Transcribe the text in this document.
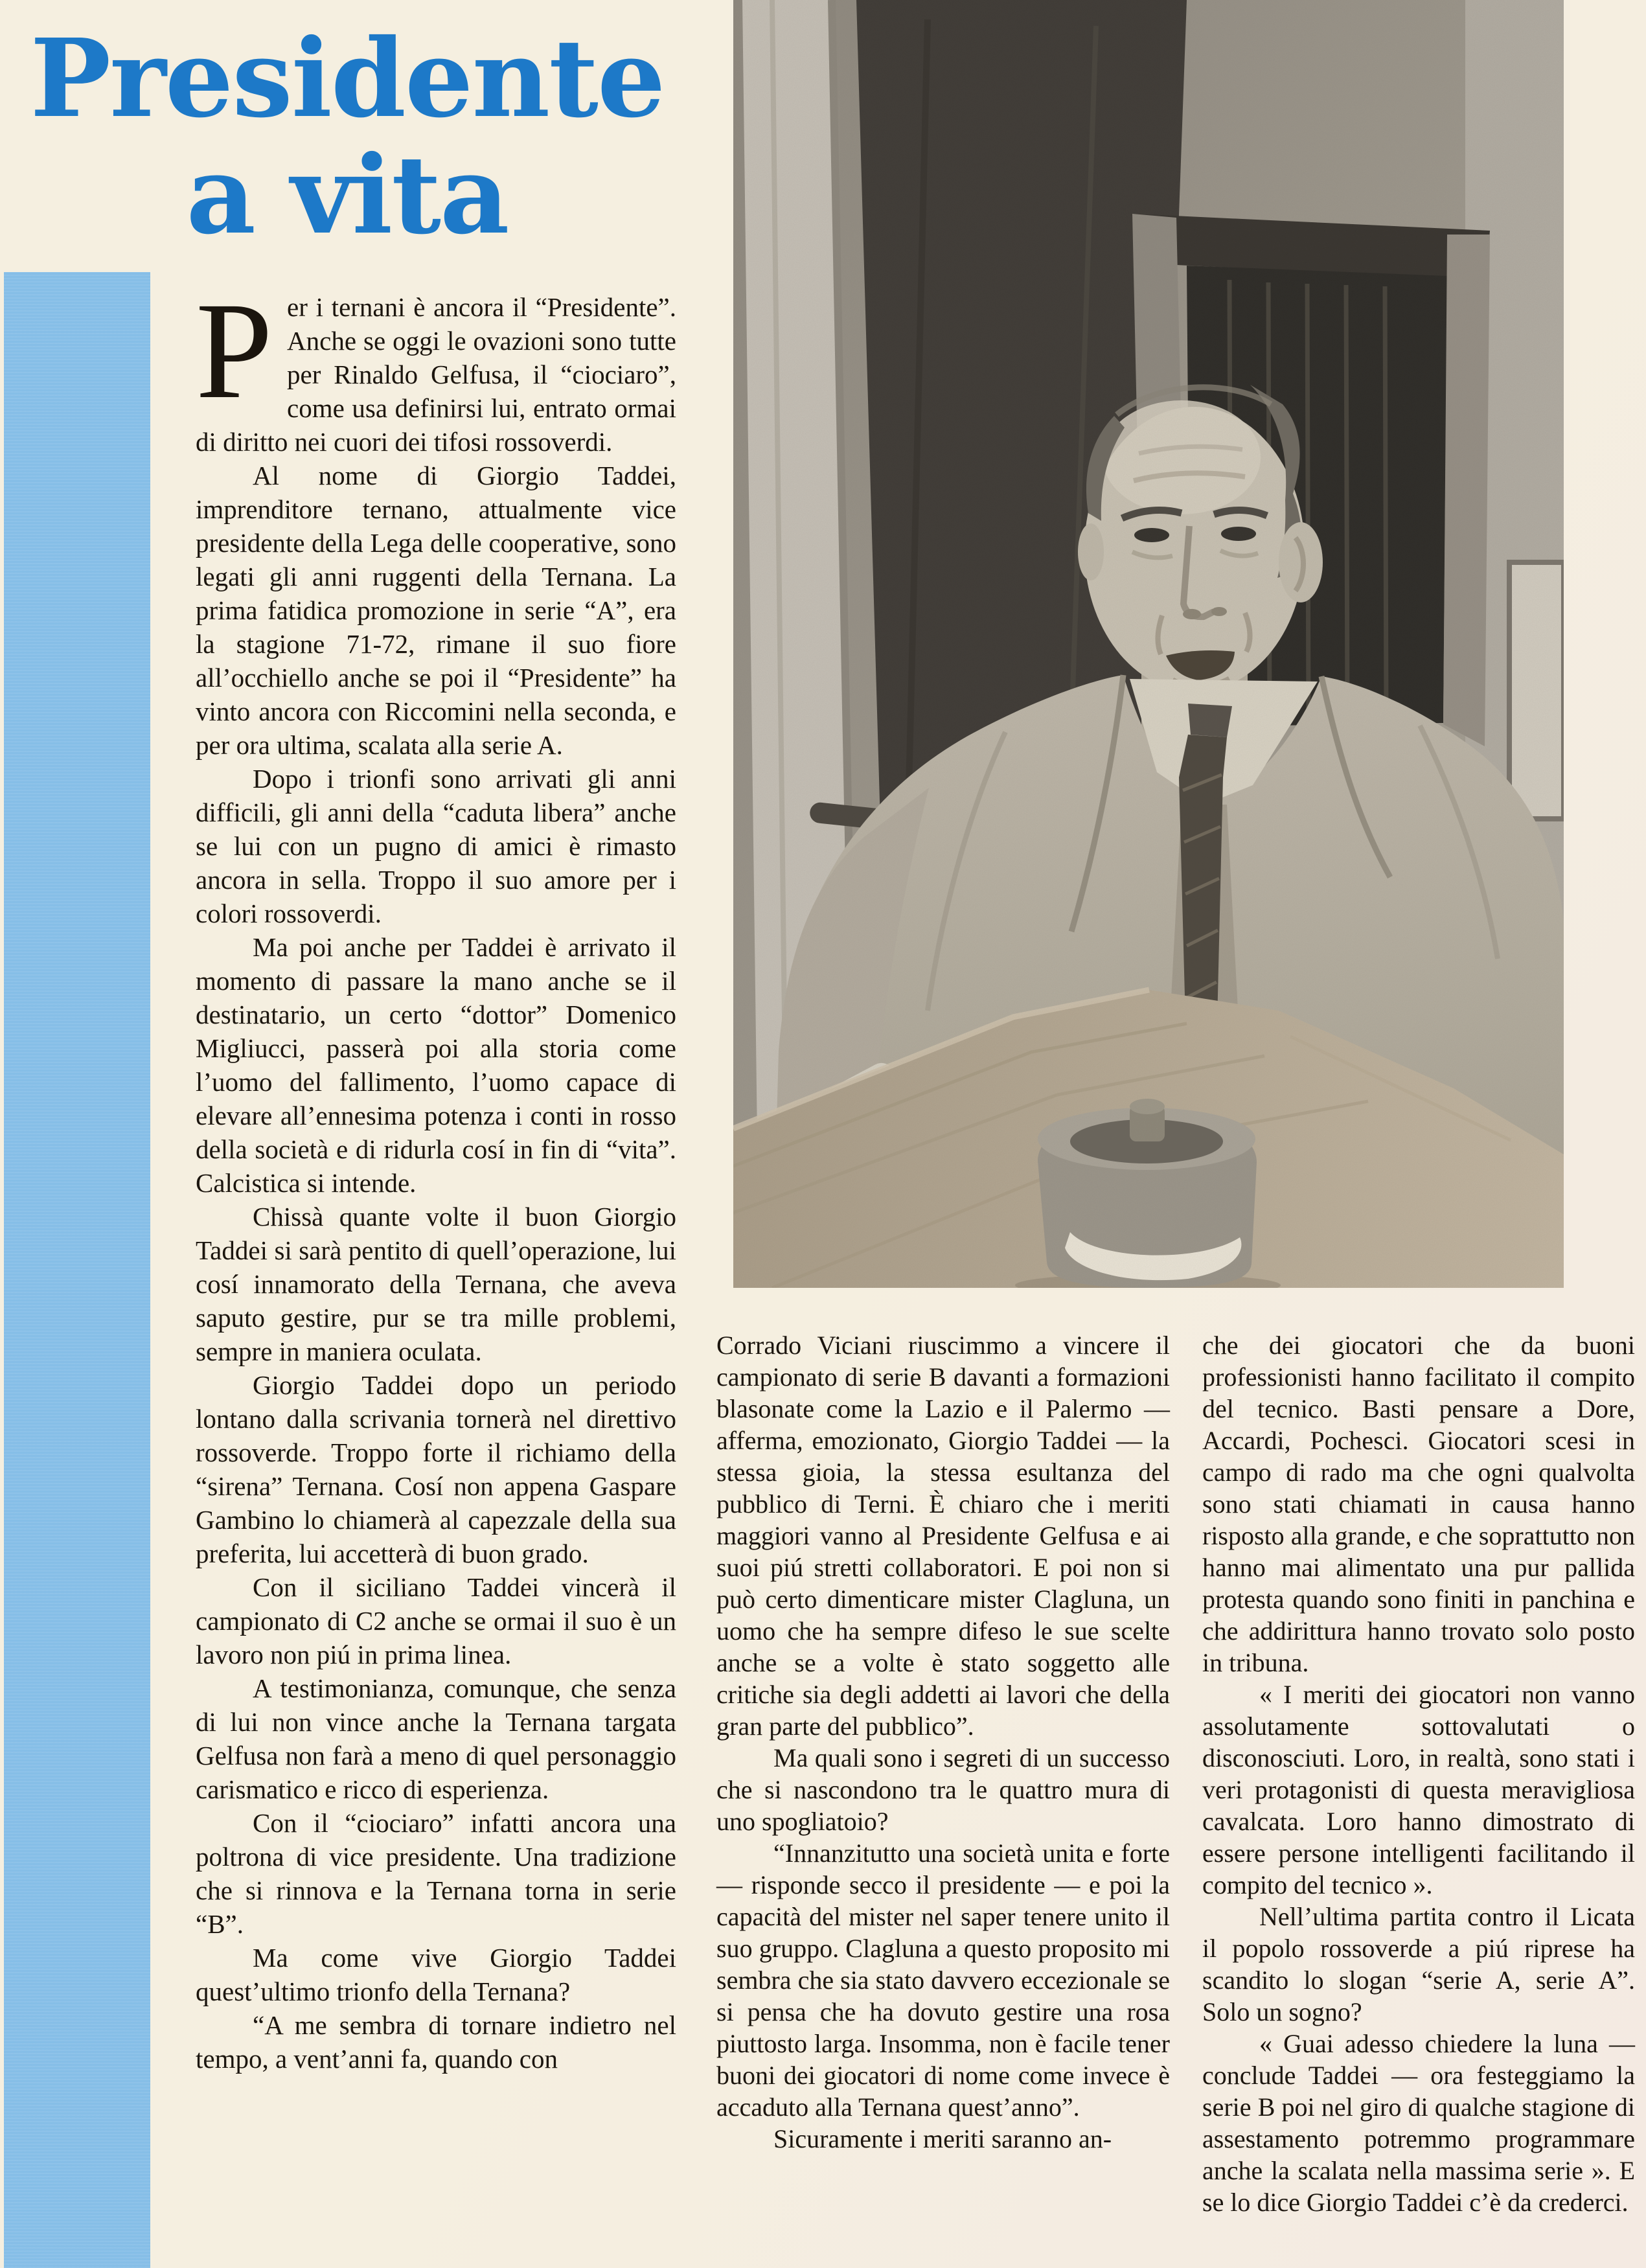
Presidente
a vita

Per i ternani è ancora il “Presidente”. Anche se oggi le ovazioni sono tutte per Rinaldo Gelfusa, il “ciociaro”, come usa definirsi lui, entrato ormai di diritto nei cuori dei tifosi rossoverdi.

Al nome di Giorgio Taddei, imprenditore ternano, attualmente vice presidente della Lega delle cooperative, sono legati gli anni ruggenti della Ternana. La prima fatidica promozione in serie “A”, era la stagione 71-72, rimane il suo fiore all’occhiello anche se poi il “Presidente” ha vinto ancora con Riccomini nella seconda, e per ora ultima, scalata alla serie A.

Dopo i trionfi sono arrivati gli anni difficili, gli anni della “caduta libera” anche se lui con un pugno di amici è rimasto ancora in sella. Troppo il suo amore per i colori rossoverdi.

Ma poi anche per Taddei è arrivato il momento di passare la mano anche se il destinatario, un certo “dottor” Domenico Migliucci, passerà poi alla storia come l’uomo del fallimento, l’uomo capace di elevare all’ennesima potenza i conti in rosso della società e di ridurla cosí in fin di “vita”. Calcistica si intende.

Chissà quante volte il buon Giorgio Taddei si sarà pentito di quell’operazione, lui cosí innamorato della Ternana, che aveva saputo gestire, pur se tra mille problemi, sempre in maniera oculata.

Giorgio Taddei dopo un periodo lontano dalla scrivania tornerà nel direttivo rossoverde. Troppo forte il richiamo della “sirena” Ternana. Cosí non appena Gaspare Gambino lo chiamerà al capezzale della sua preferita, lui accetterà di buon grado.

Con il siciliano Taddei vincerà il campionato di C2 anche se ormai il suo è un lavoro non piú in prima linea.

A testimonianza, comunque, che senza di lui non vince anche la Ternana targata Gelfusa non farà a meno di quel personaggio carismatico e ricco di esperienza.

Con il “ciociaro” infatti ancora una poltrona di vice presidente. Una tradizione che si rinnova e la Ternana torna in serie “B”.

Ma come vive Giorgio Taddei quest’ultimo trionfo della Ternana?

“A me sembra di tornare indietro nel tempo, a vent’anni fa, quando con

Corrado Viciani riuscimmo a vincere il campionato di serie B davanti a formazioni blasonate come la Lazio e il Palermo — afferma, emozionato, Giorgio Taddei — la stessa gioia, la stessa esultanza del pubblico di Terni. È chiaro che i meriti maggiori vanno al Presidente Gelfusa e ai suoi piú stretti collaboratori. E poi non si può certo dimenticare mister Clagluna, un uomo che ha sempre difeso le sue scelte anche se a volte è stato soggetto alle critiche sia degli addetti ai lavori che della gran parte del pubblico”.

Ma quali sono i segreti di un successo che si nascondono tra le quattro mura di uno spogliatoio?

“Innanzitutto una società unita e forte — risponde secco il presidente — e poi la capacità del mister nel saper tenere unito il suo gruppo. Clagluna a questo proposito mi sembra che sia stato davvero eccezionale se si pensa che ha dovuto gestire una rosa piuttosto larga. Insomma, non è facile tener buoni dei giocatori di nome come invece è accaduto alla Ternana quest’anno”.

Sicuramente i meriti saranno an-

che dei giocatori che da buoni professionisti hanno facilitato il compito del tecnico. Basti pensare a Dore, Accardi, Pochesci. Giocatori scesi in campo di rado ma che ogni qualvolta sono stati chiamati in causa hanno risposto alla grande, e che soprattutto non hanno mai alimentato una pur pallida protesta quando sono finiti in panchina e che addirittura hanno trovato solo posto in tribuna.

« I meriti dei giocatori non vanno assolutamente sottovalutati o disconosciuti. Loro, in realtà, sono stati i veri protagonisti di questa meravigliosa cavalcata. Loro hanno dimostrato di essere persone intelligenti facilitando il compito del tecnico ».

Nell’ultima partita contro il Licata il popolo rossoverde a piú riprese ha scandito lo slogan “serie A, serie A”. Solo un sogno?

« Guai adesso chiedere la luna — conclude Taddei — ora festeggiamo la serie B poi nel giro di qualche stagione di assestamento potremmo programmare anche la scalata nella massima serie ». E se lo dice Giorgio Taddei c’è da crederci.
